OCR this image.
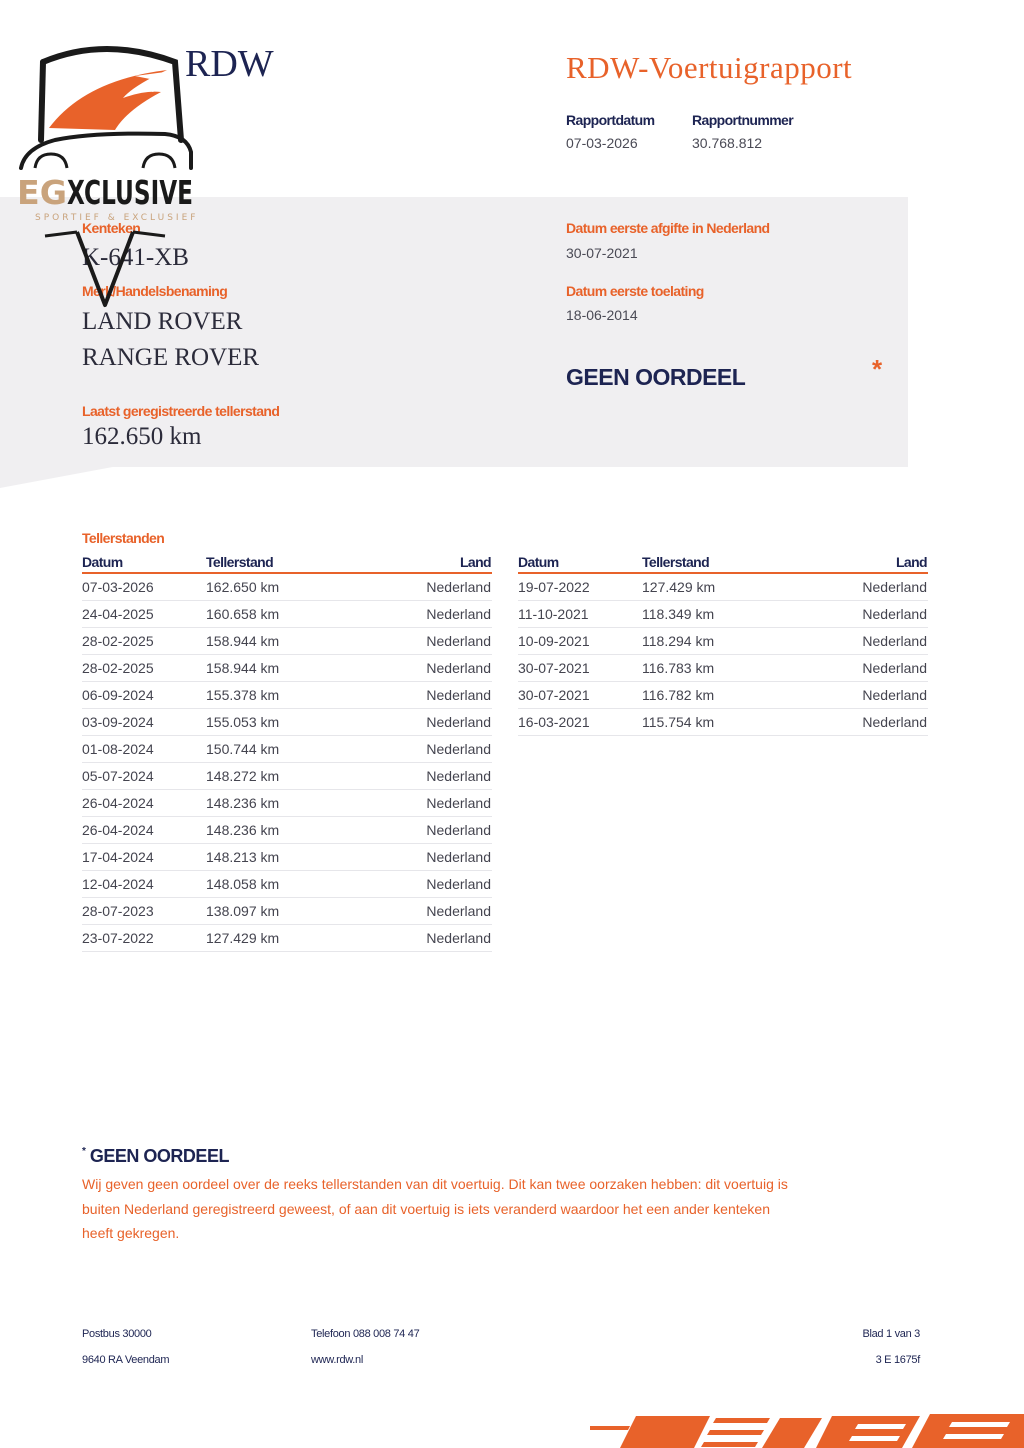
RDW	RDW-Voertuigrapport
Rapportdatum
07-03-2026
Rapportnummer
30.768.812
Kenteken
K-641-XB
Merk/Handelsbenaming
LAND ROVER
RANGE ROVER
Laatst geregistreerde tellerstand
162.650 km
Datum eerste afgifte in Nederland
30-07-2021
Datum eerste toelating
18-06-2014
GEEN OORDEEL	*
EG XCLUSIVE
SPORTIEF & EXCLUSIEF
Tellerstanden
Datum	Tellerstand	Land
07-03-2026	162.650 km	Nederland
24-04-2025	160.658 km	Nederland
28-02-2025	158.944 km	Nederland
28-02-2025	158.944 km	Nederland
06-09-2024	155.378 km	Nederland
03-09-2024	155.053 km	Nederland
01-08-2024	150.744 km	Nederland
05-07-2024	148.272 km	Nederland
26-04-2024	148.236 km	Nederland
26-04-2024	148.236 km	Nederland
17-04-2024	148.213 km	Nederland
12-04-2024	148.058 km	Nederland
28-07-2023	138.097 km	Nederland
23-07-2022	127.429 km	Nederland
Datum	Tellerstand	Land
19-07-2022	127.429 km	Nederland
11-10-2021	118.349 km	Nederland
10-09-2021	118.294 km	Nederland
30-07-2021	116.783 km	Nederland
30-07-2021	116.782 km	Nederland
16-03-2021	115.754 km	Nederland
* GEEN OORDEEL
Wij geven geen oordeel over de reeks tellerstanden van dit voertuig. Dit kan twee oorzaken hebben: dit voertuig is
buiten Nederland geregistreerd geweest, of aan dit voertuig is iets veranderd waardoor het een ander kenteken
heeft gekregen.
Postbus 30000
9640 RA Veendam
Telefoon 088 008 74 47
www.rdw.nl
Blad 1 van 3
3 E 1675f
